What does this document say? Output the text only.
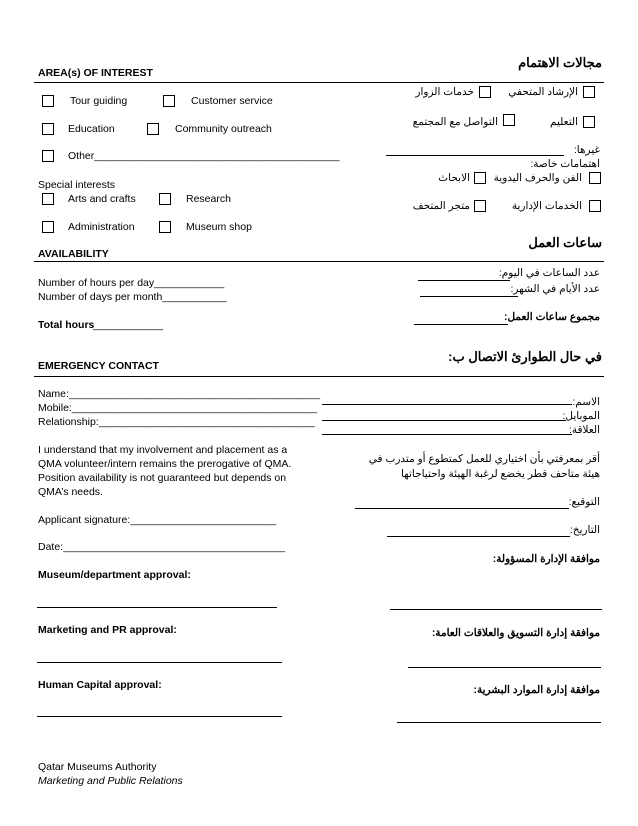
مجالات الاهتمام
AREA(s) OF INTEREST
Tour guiding	Customer service
Education	Community outreach
Other__________________________________________
Special interests
Arts and crafts	Research
Administration	Museum shop
الإرشاد المتحفي
خدمات الزوار
التعليم
التواصل مع المجتمع
غيرها:
اهتمامات خاصة:
الفن والحرف اليدوية
الابحاث
الخدمات الإدارية
متجر المتحف
ساعات العمل
AVAILABILITY
Number of hours per day____________
Number of days per month___________
Total hours
____________
عدد الساعات في اليوم:
عدد الأيام في الشهر:
مجموع ساعات العمل:
في حال الطوارئ الاتصال ب:
EMERGENCY CONTACT
Name:___________________________________________
Mobile:__________________________________________
Relationship:_____________________________________
الاسم:
الموبايل:
العلاقة:
I understand that my involvement and placement as a
QMA volunteer/intern remains the prerogative of QMA.
Position availability is not guaranteed but depends on
QMA’s needs.
أقر بمعرفتي بأن اختياري للعمل كمتطوع أو متدرب في
هيئة متاحف قطر يخضع لرغبة الهيئة واحتياجاتها
Applicant signature:_________________________
Date:______________________________________
التوقيع:
التاريخ:
Museum/department approval:
موافقة الإدارة المسؤولة:
Marketing and PR approval:	موافقة إدارة التسويق والعلاقات العامة:
Human Capital approval:	موافقة إدارة الموارد البشرية:
Qatar Museums Authority
Marketing and Public Relations
